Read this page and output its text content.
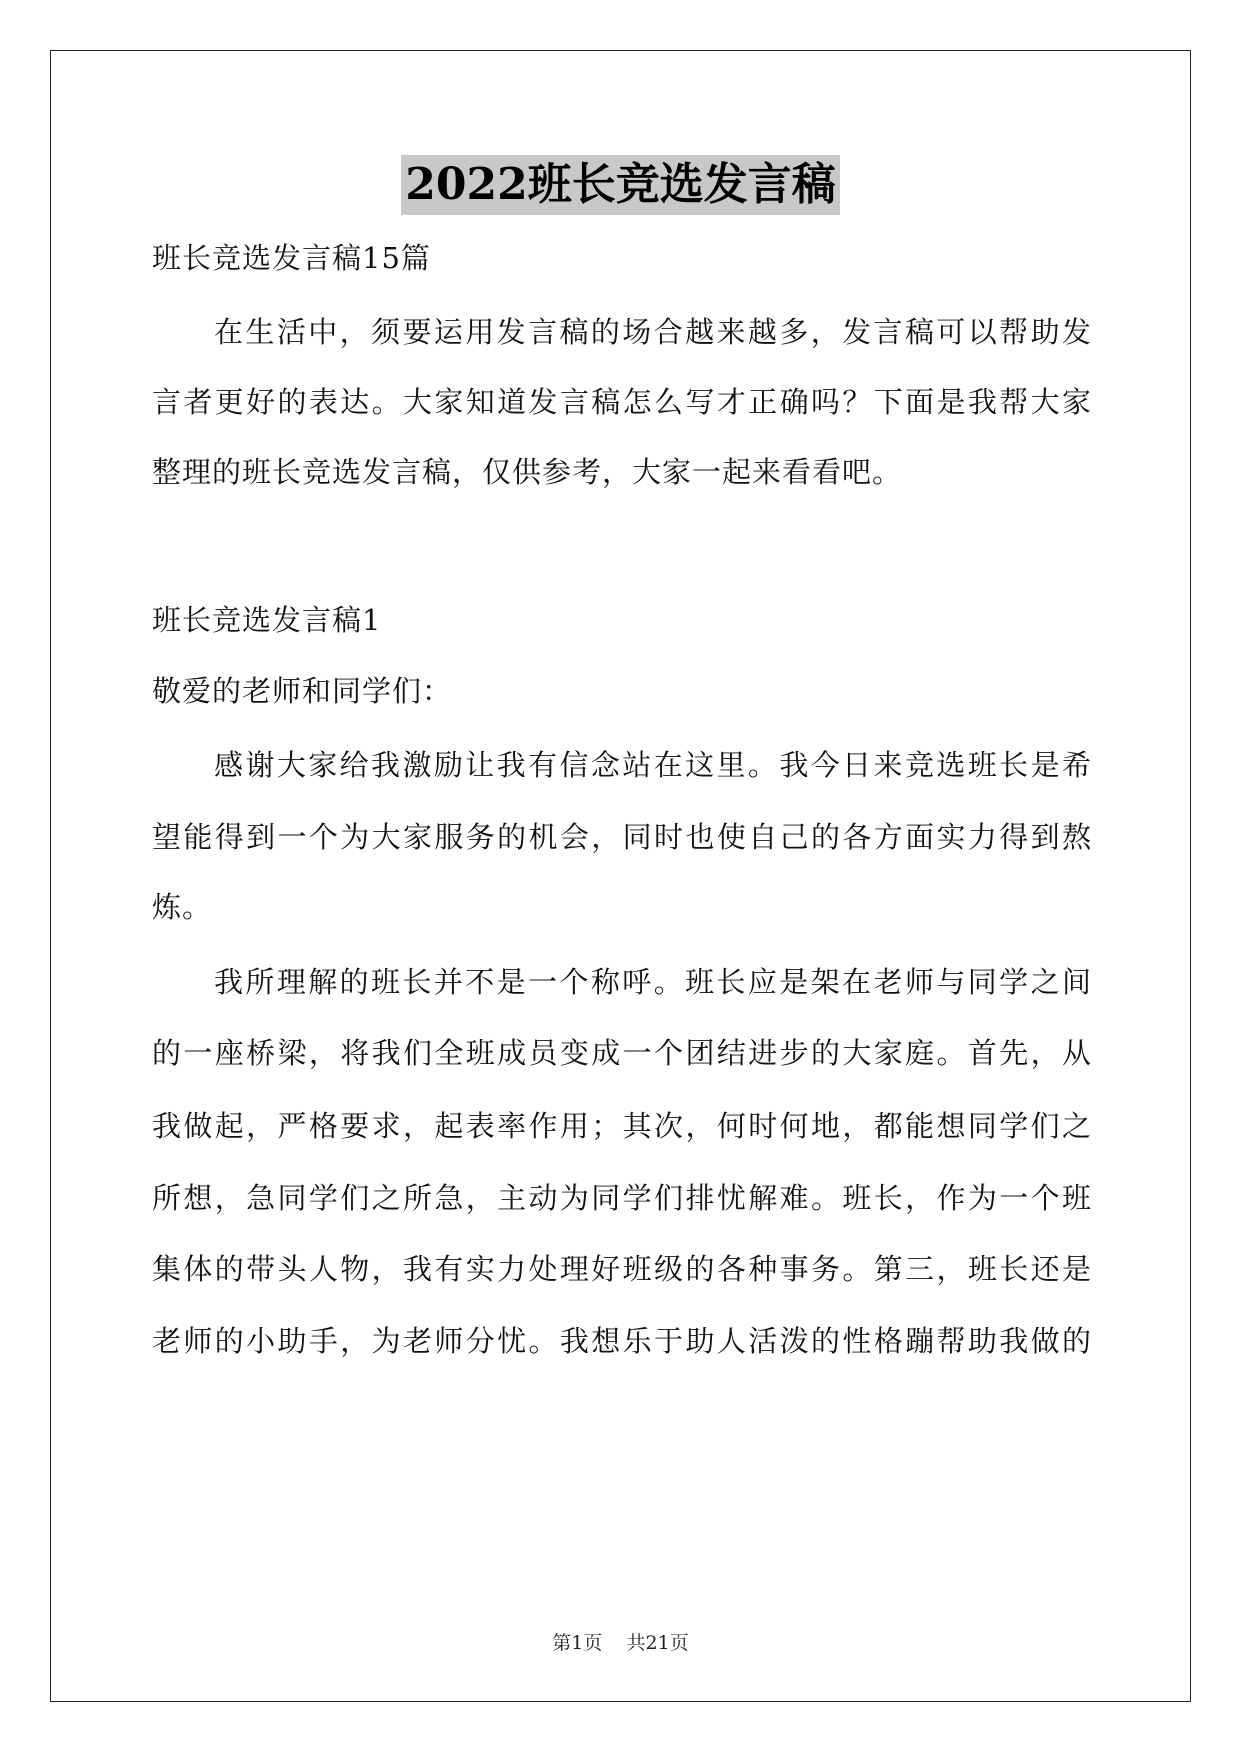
2022班长竞选发言稿
班长竞选发言稿15篇
在生活中，须要运用发言稿的场合越来越多，发言稿可以帮助发
言者更好的表达。大家知道发言稿怎么写才正确吗？下面是我帮大家
整理的班长竞选发言稿，仅供参考，大家一起来看看吧。
班长竞选发言稿1
敬爱的老师和同学们：
感谢大家给我激励让我有信念站在这里。我今日来竞选班长是希
望能得到一个为大家服务的机会，同时也使自己的各方面实力得到熬
炼。
我所理解的班长并不是一个称呼。班长应是架在老师与同学之间
的一座桥梁，将我们全班成员变成一个团结进步的大家庭。首先，从
我做起，严格要求，起表率作用；其次，何时何地，都能想同学们之
所想，急同学们之所急，主动为同学们排忧解难。班长，作为一个班
集体的带头人物，我有实力处理好班级的各种事务。第三，班长还是
老师的小助手，为老师分忧。我想乐于助人活泼的性格蹦帮助我做的
第1页    共21页
